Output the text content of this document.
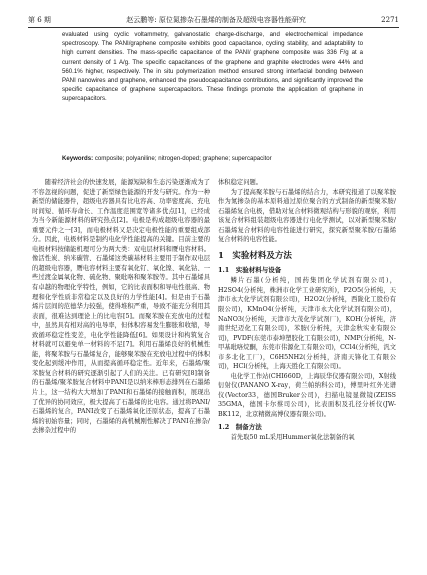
第 6 期	赵云鹏等: 原位氮掺杂石墨烯的制备及超级电容器性能研究	2271
evaluated using cyclic voltammetry, galvanostatic charge-discharge, and electrochemical impedance spectroscopy. The PANI/graphene composite exhibits good capacitance, cycling stability, and adaptability to high current densities. The mass-specific capacitance of the PANI/ graphene composite was 336 F/g at a current density of 1 A/g. The specific capacitances of the graphene and graphite electrodes were 44% and 560.1% higher, respectively. The in situ polymerization method ensured strong interfacial bonding between PANI nanowires and graphene, enhanced the pseudocapacitance contributions, and significantly improved the specific capacitance of graphene supercapacitors. These findings promote the application of graphene in supercapacitors.
Keywords: composite; polyaniline; nitrogen-doped; graphene; supercapacitor

随着经济社会的快速发展，能源短缺和生态污染逐渐成为了不容忽视的问题，促进了新型绿色能源的开发与研究。作为一种新型的储能器件，超级电容器具有比电容高、功率密度高、充电时间短、循环寿命长、工作温度范围宽等诸多优点[1]，已经成为当今新能源材料的研究热点[2]。电极是构成超级电容器的最重要元件之一[3]，而电极材料又是决定电极性能的重要组成部分。因此，电极材料是制约电化学性能提高的关键。目前主要的电极材料按储能机理可分为两大类：双电层材料和赝电容材料。像活性炭、纳米碳管、石墨烯这类碳基材料主要用于制作双电层的超级电容器，赝电容材料主要有氧化钌、氧化镍、氧化钴、一些过渡金属氧化物、硫化物、聚吡咯和聚苯胺等。其中石墨烯具有卓越的物理化学特性，例如，它的比表面积和导电性很高、物理和化学性质非常稳定以及良好的力学性能[4]。但是由于石墨烯片层间的范德华力较强，使得堆积严重，导致不能充分利用其表面，很难达到理论上的比电容[5]。而聚苯胺在充放电的过程中，虽然具有相对高的电导率，但体积容易发生膨胀和收缩，导致循环稳定性变差，电化学性能降低[6]。如果设计和构筑复合材料就可以避免单一材料的不足[7]。利用石墨烯良好的机械性能，将聚苯胺与石墨烯复合，能够聚苯胺在充放电过程中的体积变化起到缓冲作用，从而提高循环稳定性。近年来，石墨烯/聚苯胺复合材料的研究逐渐引起了人们的关注。已有研究[8]制备的石墨烯/聚苯胺复合材料中PANI是以纳米棒形态排列在石墨烯片上，这一结构大大增加了PANI和石墨烯的接触面积，展现出了优异的协同效应，极大提高了石墨烯的比电容。通过将PANI/石墨烯的复合，PANI改变了石墨烯氧化还原状态，提高了石墨烯的初始容量；同时，石墨烯的高机械刚性解决了PANI在掺杂/去掺杂过程中的

体积稳定问题。

为了提高聚苯胺与石墨烯的结合力，本研究报道了以聚苯胺作为氮掺杂的基本原料通过原位聚合的方式制备的新型聚苯胺/石墨烯复合电极，借助对复合材料微观结构与形貌的观察，利用该复合材料组装超级电容器进行电化学测试，以对新型聚苯胺/石墨烯复合材料的电容性能进行研究，探究新型聚苯胺/石墨烯复合材料的电容性能。

1　实验材料及方法
1.1　实验材料与设备

鳞片石墨(分析纯，国药集团化学试剂有限公司)，H2SO4(分析纯，株洲市化学工业研究所)，P2O5(分析纯，天津市永大化学试剂有限公司)，H2O2(分析纯，西陇化工股份有限公司)，KMnO4(分析纯，天津市永大化学试剂有限公司)，NaNO3(分析纯，天津市大茂化学试剂厂)，KOH(分析纯，济南世纪迈化工有限公司)，苯胺(分析纯，天津金秋实业有限公司)，PVDF(东莞市泰坤塑胶化工有限公司)，NMP(分析纯，N-甲基吡咯烷酮，东莞市伟源化工有限公司)，CCl4(分析纯，汎文市多北化工厂)，C6H5NH2(分析纯，济南天锋化工有限公司)，HCl(分析纯，上海天胜化工有限公司)。

电化学工作站(CHI660D，上海辰华仪器有限公司)，X射线衍射仪(PANANO X-ray，荷兰帕纳科公司)，傅里叶红外光谱仪(Vector33，德国Bruker公司)，扫描电镜显微镜(ZEISS 35GMA，德国卡尔蔡司公司)，比表面积及孔径分析仪(JW-BK112，北京精微高博仪器有限公司)。

1.2　制备方法

首先取50 mL采用Hummer氧化法制备的氧
